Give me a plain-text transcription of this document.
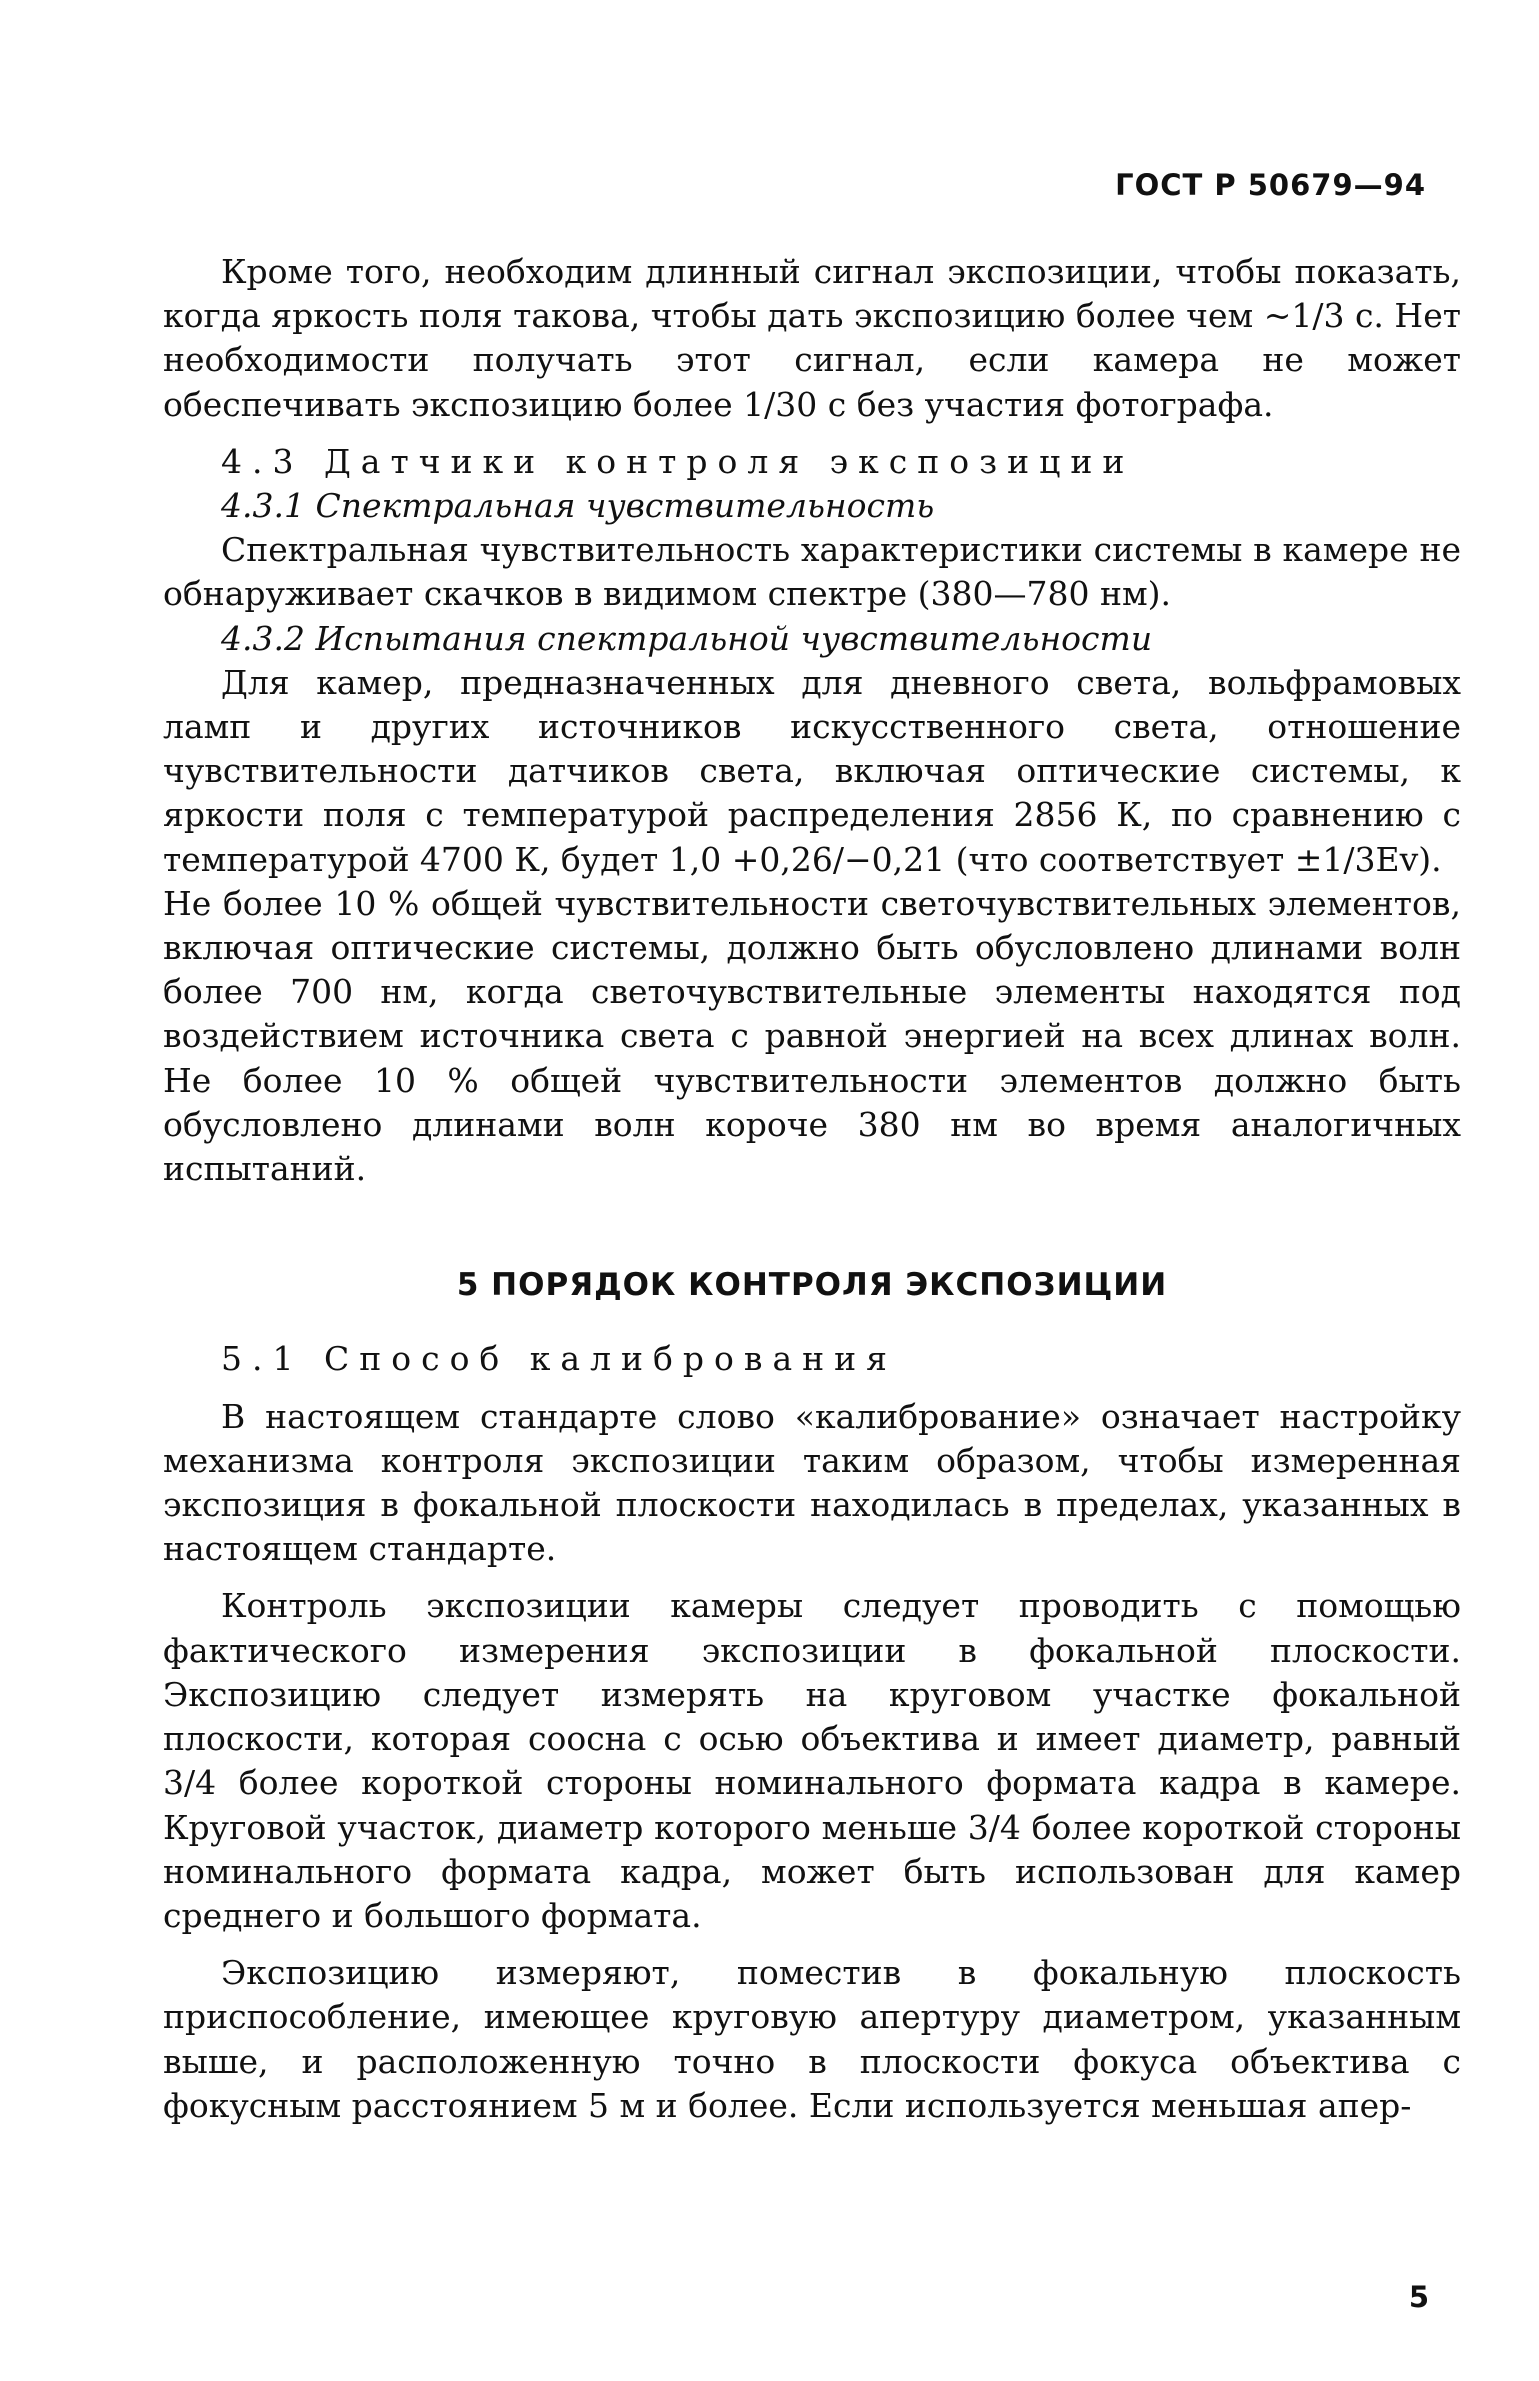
ГОСТ Р 50679—94

Кроме того, необходим длинный сигнал экспозиции, чтобы показать, когда яркость поля такова, чтобы дать экспозицию более чем ~1/3 с. Нет необходимости получать этот сигнал, если камера не может обеспечивать экспозицию более 1/30 с без участия фотографа.

4.3 Датчики контроля экспозиции

4.3.1 Спектральная чувствительность

Спектральная чувствительность характеристики системы в камере не обнаруживает скачков в видимом спектре (380—780 нм).

4.3.2 Испытания спектральной чувствительности

Для камер, предназначенных для дневного света, вольфрамовых ламп и других источников искусственного света, отношение чувствительности датчиков света, включая оптические системы, к яркости поля с температурой распределения 2856 К, по сравнению с температурой 4700 К, будет 1,0 +0,26/−0,21 (что соответствует ±1/3Ev).

Не более 10 % общей чувствительности светочувствительных элементов, включая оптические системы, должно быть обусловлено длинами волн более 700 нм, когда светочувствительные элементы находятся под воздействием источника света с равной энергией на всех длинах волн. Не более 10 % общей чувствительности элементов должно быть обусловлено длинами волн короче 380 нм во время аналогичных испытаний.

5 ПОРЯДОК КОНТРОЛЯ ЭКСПОЗИЦИИ

5.1 Способ калибрования

В настоящем стандарте слово «калибрование» означает настройку механизма контроля экспозиции таким образом, чтобы измеренная экспозиция в фокальной плоскости находилась в пределах, указанных в настоящем стандарте.

Контроль экспозиции камеры следует проводить с помощью фактического измерения экспозиции в фокальной плоскости. Экспозицию следует измерять на круговом участке фокальной плоскости, которая соосна с осью объектива и имеет диаметр, равный 3/4 более короткой стороны номинального формата кадра в камере. Круговой участок, диаметр которого меньше 3/4 более короткой стороны номинального формата кадра, может быть использован для камер среднего и большого формата.

Экспозицию измеряют, поместив в фокальную плоскость приспособление, имеющее круговую апертуру диаметром, указанным выше, и расположенную точно в плоскости фокуса объектива с фокусным расстоянием 5 м и более. Если используется меньшая апер-

5
